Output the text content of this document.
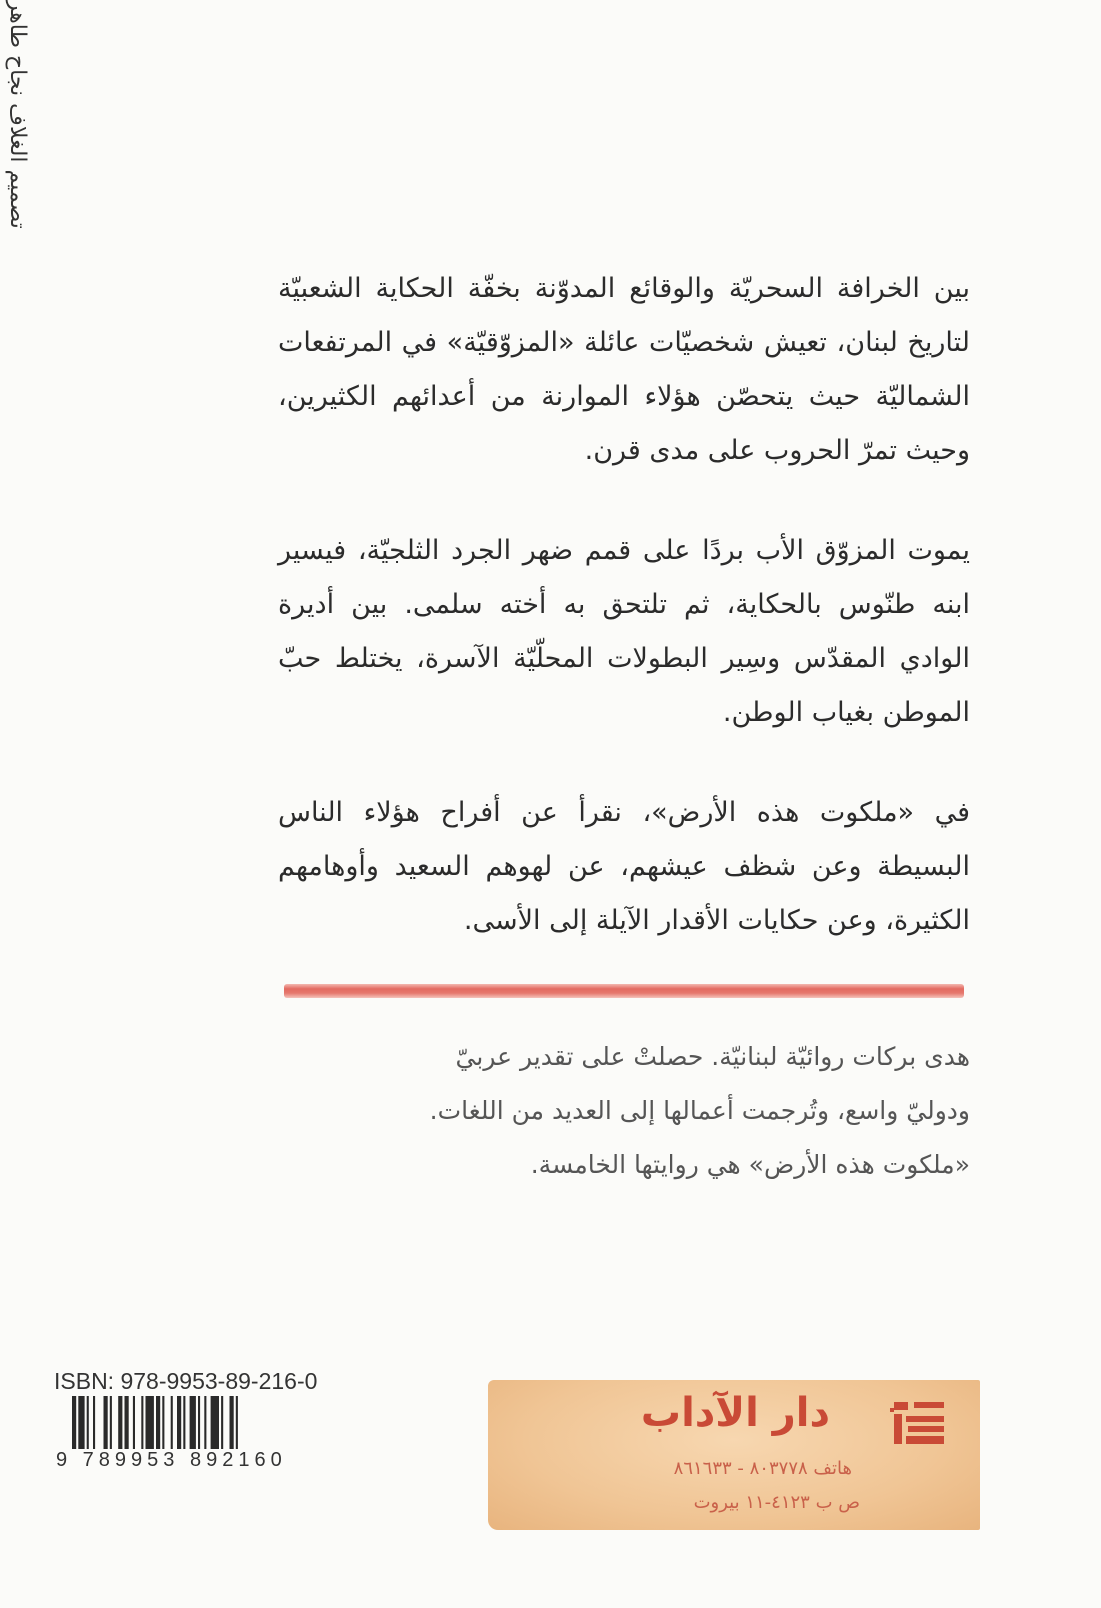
تصميم الغلاف نجاح طاهر

بين الخرافة السحريّة والوقائع المدوّنة بخفّة الحكاية الشعبيّة لتاريخ لبنان، تعيش شخصيّات عائلة «المزوّقيّة» في المرتفعات الشماليّة حيث يتحصّن هؤلاء الموارنة من أعدائهم الكثيرين، وحيث تمرّ الحروب على مدى قرن.

يموت المزوّق الأب بردًا على قمم ضهر الجرد الثلجيّة، فيسير ابنه طنّوس بالحكاية، ثم تلتحق به أخته سلمى. بين أديرة الوادي المقدّس وسِير البطولات المحلّيّة الآسرة، يختلط حبّ الموطن بغياب الوطن.

في «ملكوت هذه الأرض»، نقرأ عن أفراح هؤلاء الناس البسيطة وعن شظف عيشهم، عن لهوهم السعيد وأوهامهم الكثيرة، وعن حكايات الأقدار الآيلة إلى الأسى.

هدى بركات روائيّة لبنانيّة. حصلتْ على تقدير عربيّ
ودوليّ واسع، وتُرجمت أعمالها إلى العديد من اللغات.
«ملكوت هذه الأرض» هي روايتها الخامسة.
ISBN: 978-9953-89-216-0
9 789953 892160
دار الآداب
هاتف ٨٠٣٧٧٨ - ٨٦١٦٣٣
ص ب ٤١٢٣-١١ بيروت
